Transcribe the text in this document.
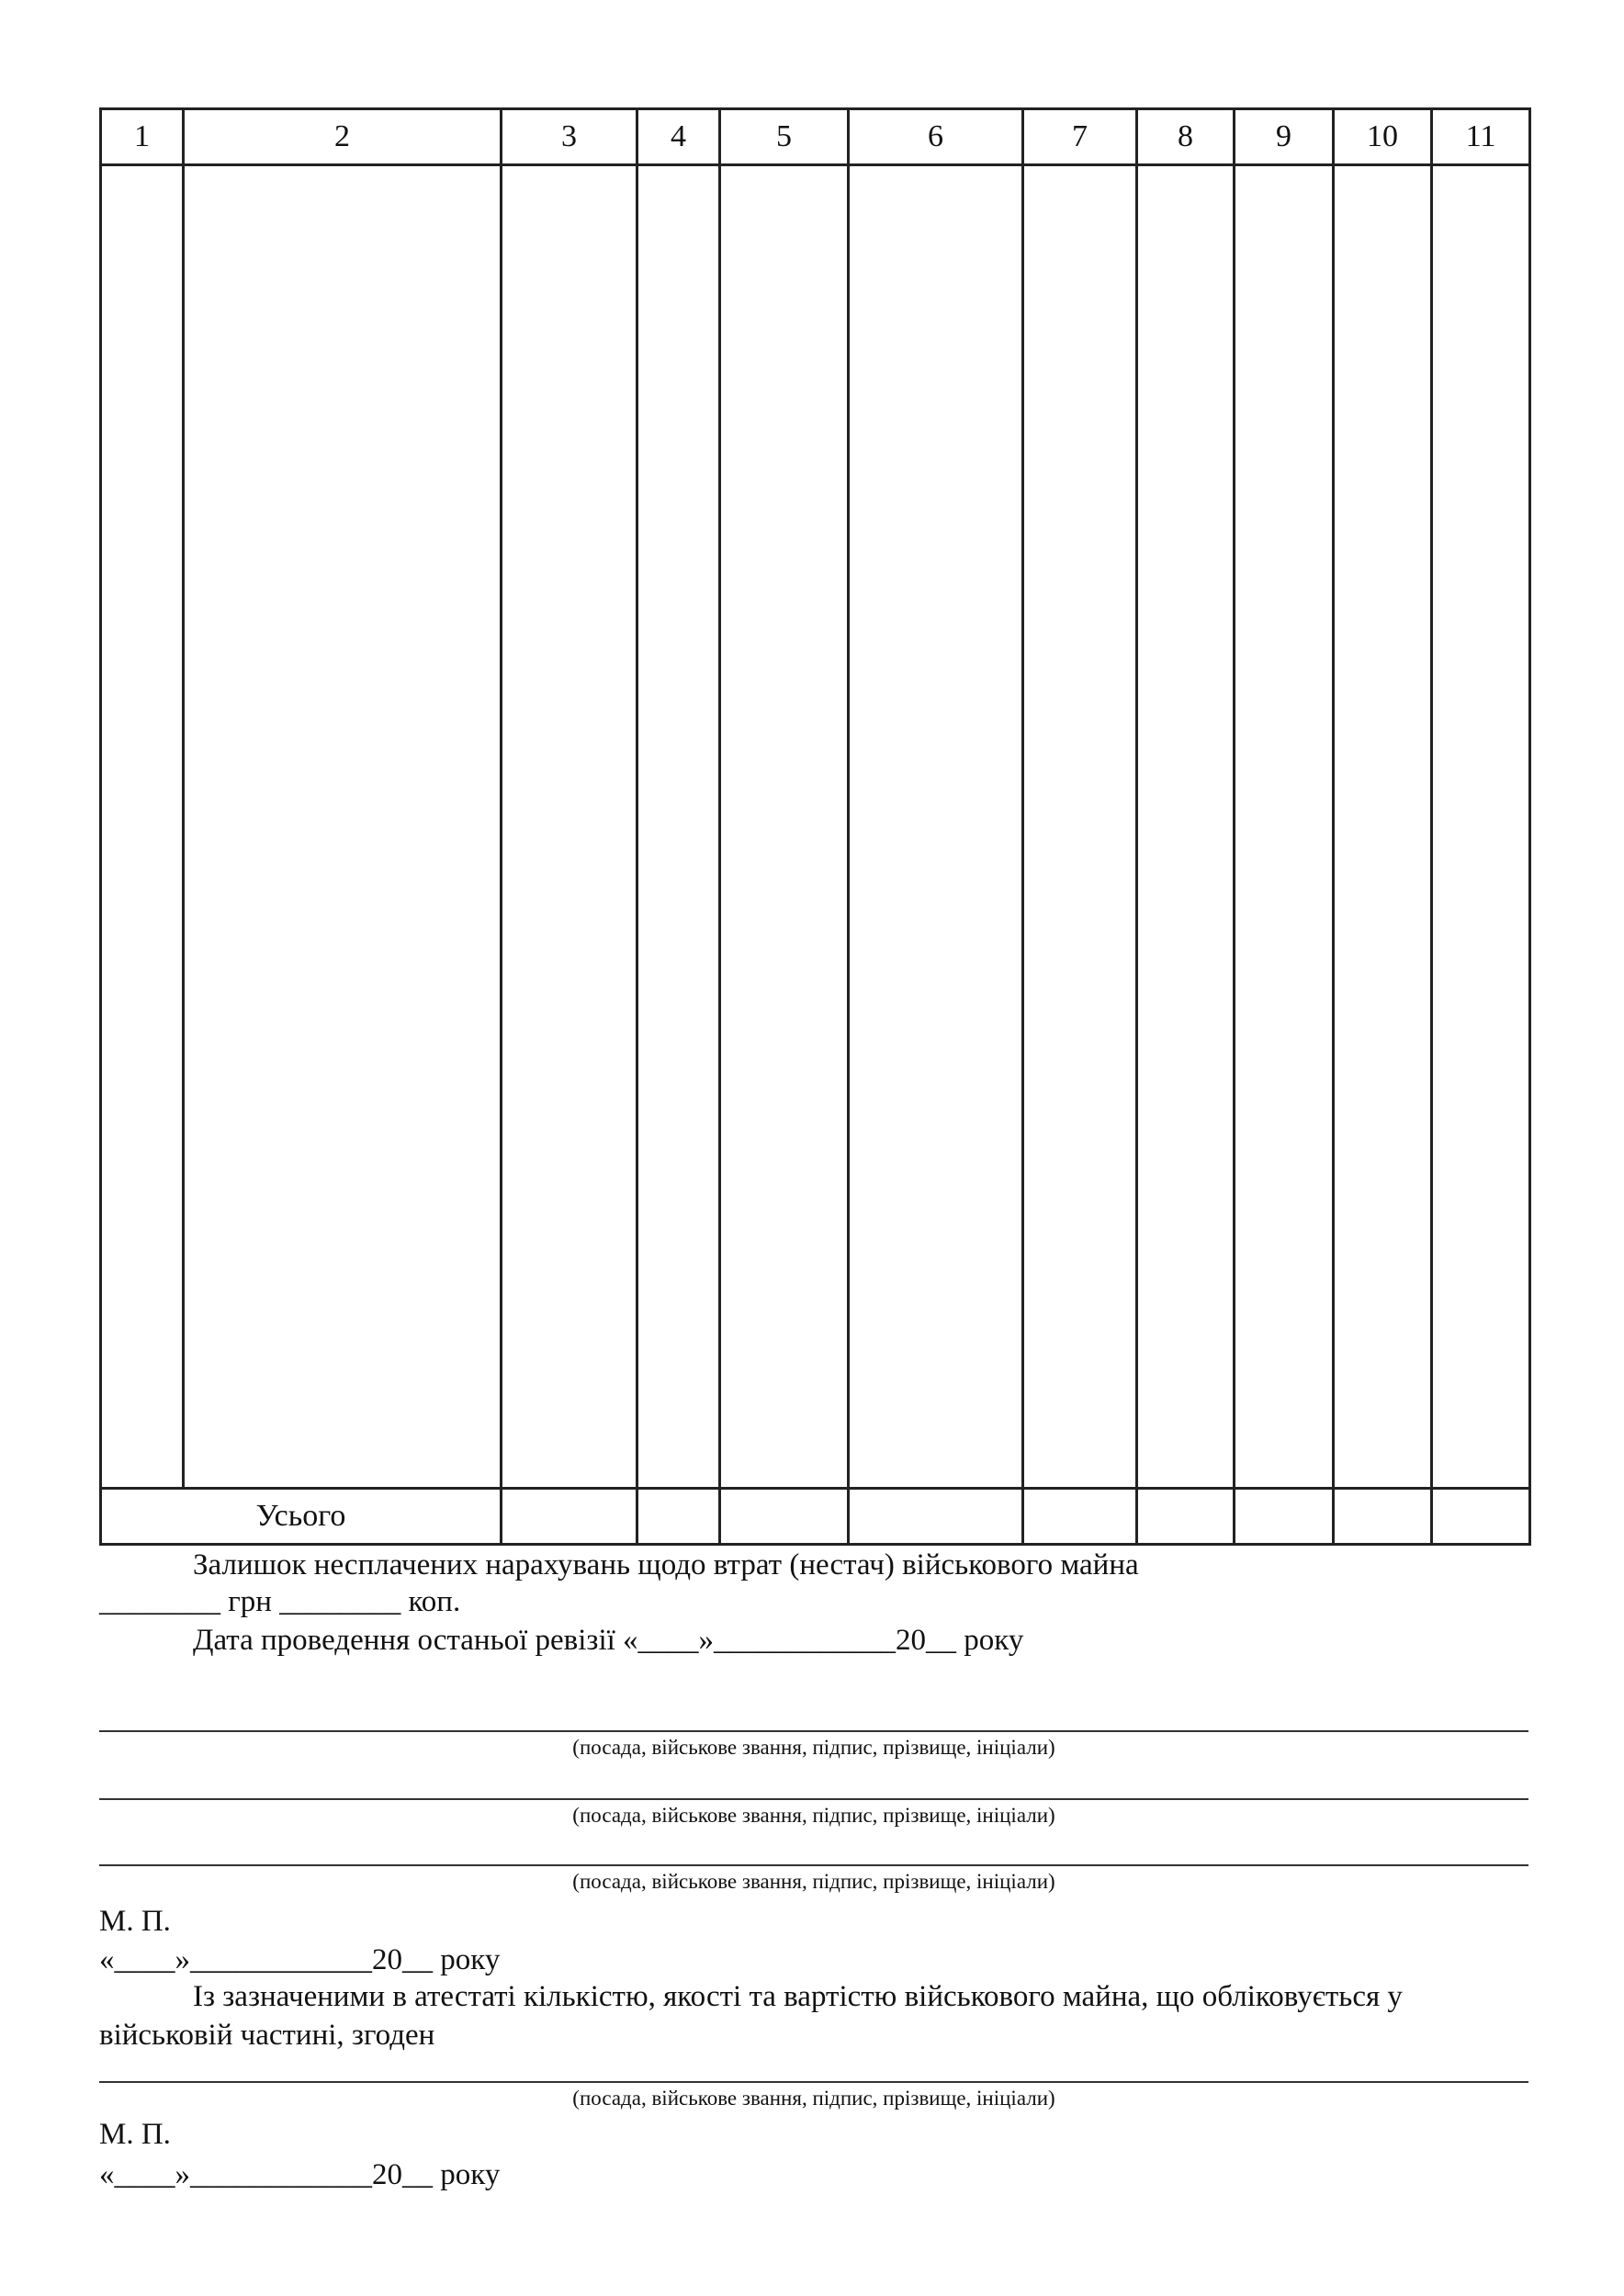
1	2	3	4	5	6	7	8	9	10	11

Усього										
Залишок несплачених нарахувань щодо втрат (нестач) військового майна
________ грн ________ коп.
Дата проведення останьої ревізії «____»____________20__ року
(посада, військове звання, підпис, прізвище, ініціали)
(посада, військове звання, підпис, прізвище, ініціали)
(посада, військове звання, підпис, прізвище, ініціали)
М. П.
«____»____________20__ року
Із зазначеними в атестаті кількістю, якості та вартістю військового майна, що обліковується у
військовій частині, згоден
(посада, військове звання, підпис, прізвище, ініціали)
М. П.
«____»____________20__ року
